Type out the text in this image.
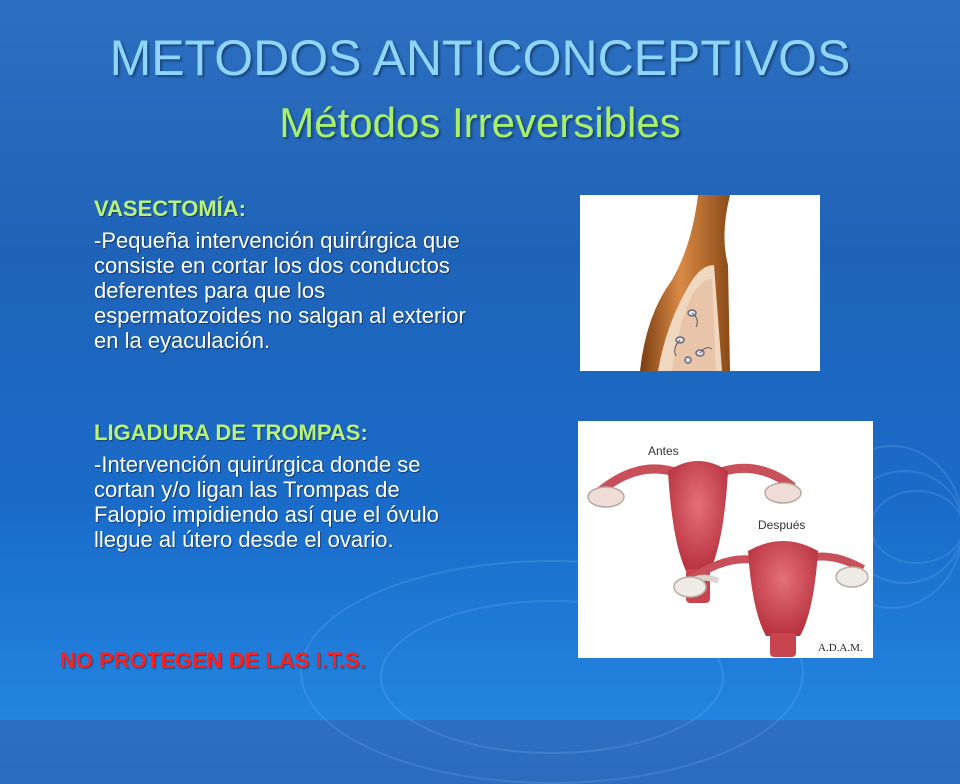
METODOS ANTICONCEPTIVOS
Métodos Irreversibles
VASECTOMÍA:
-Pequeña intervención quirúrgica que consiste en cortar los dos conductos deferentes para que los espermatozoides no salgan al exterior en la eyaculación.
LIGADURA DE TROMPAS:
-Intervención quirúrgica donde se cortan y/o ligan las Trompas de Falopio impidiendo así que el óvulo llegue al útero desde el ovario.
NO PROTEGEN DE LAS I.T.S.
Antes
Después
A.D.A.M.
